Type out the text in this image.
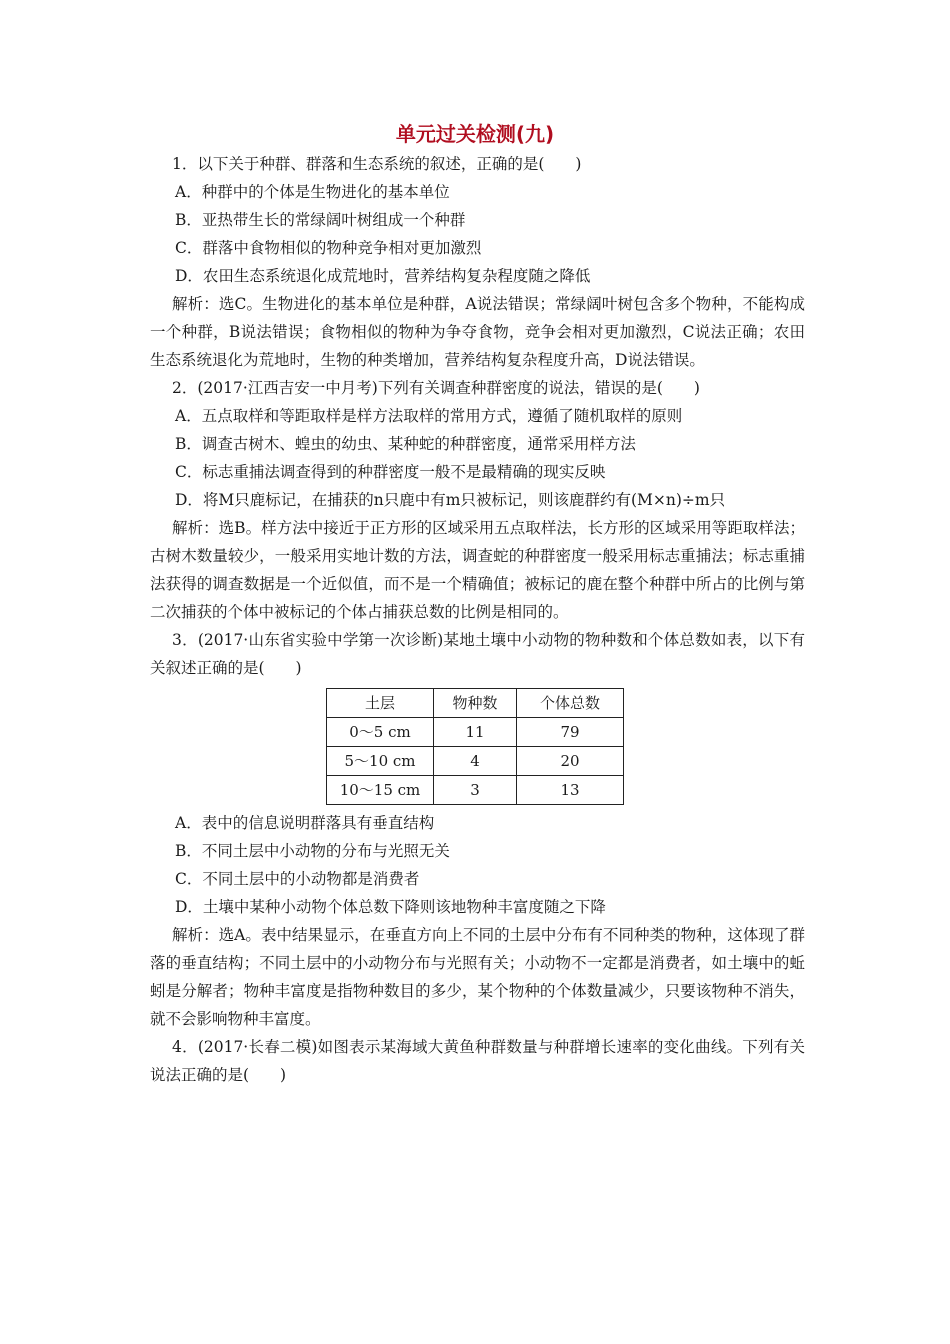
单元过关检测(九)
1．以下关于种群、群落和生态系统的叙述，正确的是(　　)
A．种群中的个体是生物进化的基本单位
B．亚热带生长的常绿阔叶树组成一个种群
C．群落中食物相似的物种竞争相对更加激烈
D．农田生态系统退化成荒地时，营养结构复杂程度随之降低
解析：选C。生物进化的基本单位是种群，A说法错误；常绿阔叶树包含多个物种，不能构成一个种群，B说法错误；食物相似的物种为争夺食物，竞争会相对更加激烈，C说法正确；农田生态系统退化为荒地时，生物的种类增加，营养结构复杂程度升高，D说法错误。
2．(2017·江西吉安一中月考)下列有关调查种群密度的说法，错误的是(　　)
A．五点取样和等距取样是样方法取样的常用方式，遵循了随机取样的原则
B．调查古树木、蝗虫的幼虫、某种蛇的种群密度，通常采用样方法
C．标志重捕法调查得到的种群密度一般不是最精确的现实反映
D．将M只鹿标记，在捕获的n只鹿中有m只被标记，则该鹿群约有(M×n)÷m只
解析：选B。样方法中接近于正方形的区域采用五点取样法，长方形的区域采用等距取样法；古树木数量较少，一般采用实地计数的方法，调查蛇的种群密度一般采用标志重捕法；标志重捕法获得的调查数据是一个近似值，而不是一个精确值；被标记的鹿在整个种群中所占的比例与第二次捕获的个体中被标记的个体占捕获总数的比例是相同的。
3．(2017·山东省实验中学第一次诊断)某地土壤中小动物的物种数和个体总数如表，以下有关叙述正确的是(　　)
土层	物种数	个体总数
0～5 cm	11	79
5～10 cm	4	20
10～15 cm	3	13
A．表中的信息说明群落具有垂直结构
B．不同土层中小动物的分布与光照无关
C．不同土层中的小动物都是消费者
D．土壤中某种小动物个体总数下降则该地物种丰富度随之下降
解析：选A。表中结果显示，在垂直方向上不同的土层中分布有不同种类的物种，这体现了群落的垂直结构；不同土层中的小动物分布与光照有关；小动物不一定都是消费者，如土壤中的蚯蚓是分解者；物种丰富度是指物种数目的多少，某个物种的个体数量减少，只要该物种不消失，就不会影响物种丰富度。
4．(2017·长春二模)如图表示某海域大黄鱼种群数量与种群增长速率的变化曲线。下列有关说法正确的是(　　)
